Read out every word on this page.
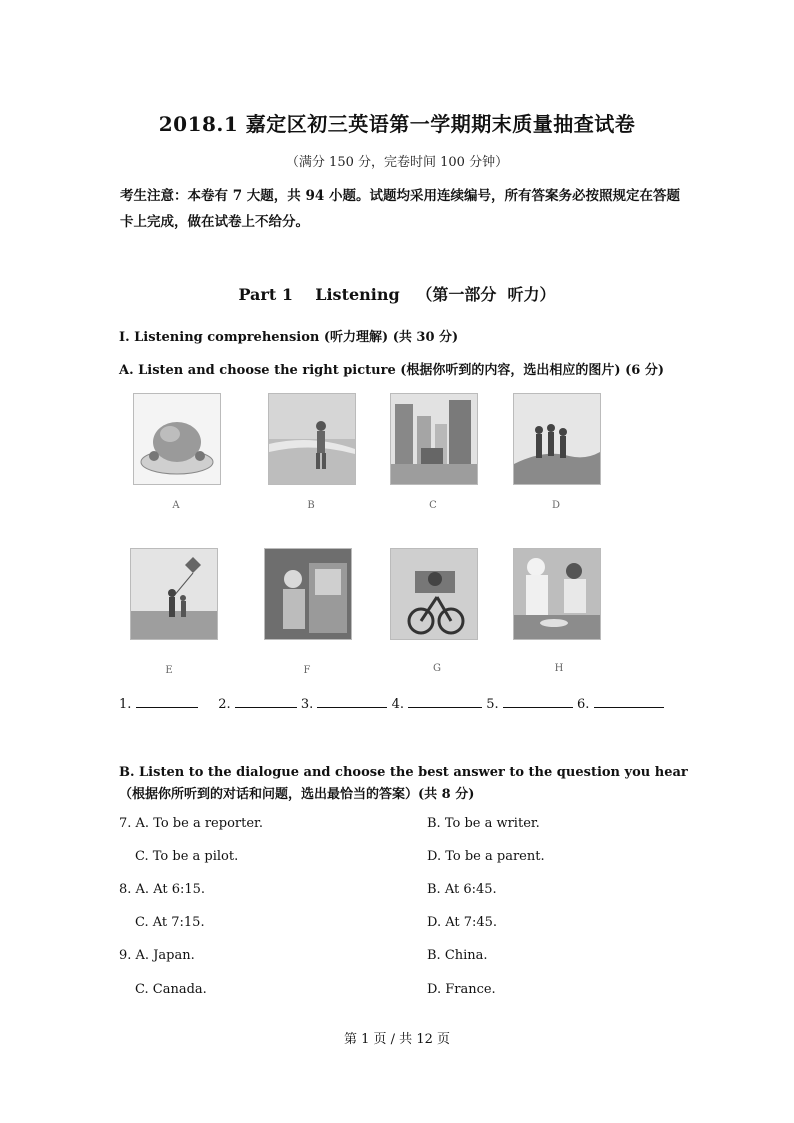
2018.1 嘉定区初三英语第一学期期末质量抽查试卷
（满分 150 分，完卷时间 100 分钟）
考生注意：本卷有 7 大题，共 94 小题。试题均采用连续编号，所有答案务必按照规定在答题卡上完成，做在试卷上不给分。
Part 1    Listening   （第一部分  听力）
I. Listening comprehension (听力理解) (共 30 分)
A. Listen and choose the right picture (根据你听到的内容，选出相应的图片) (6 分)
A	B	C	D
E	F	G	H
1.	2.	3.	4.	5.	6.
B. Listen to the dialogue and choose the best answer to the question you hear（根据你所听到的对话和问题，选出最恰当的答案）(共 8 分)
7. A. To be a reporter.	B. To be a writer.
C. To be a pilot.	D. To be a parent.
8. A. At 6:15.	B. At 6:45.
C. At 7:15.	D. At 7:45.
9. A. Japan.	B. China.
C. Canada.	D. France.
第 1 页 / 共 12 页
